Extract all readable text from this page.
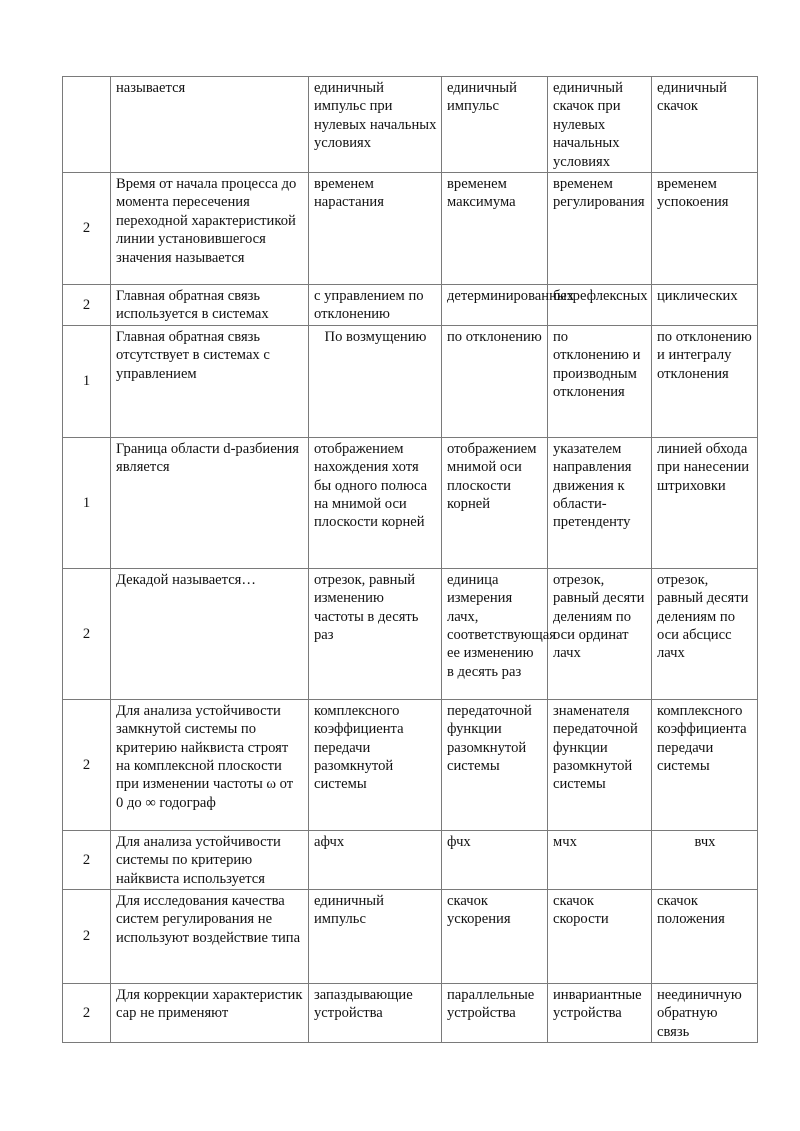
	называется	единичный импульс при нулевых начальных условиях	единичный импульс	единичный скачок при нулевых начальных условиях	единичный скачок
2	Время от начала процесса до момента пересечения переходной характеристикой линии установившегося значения называется	временем нарастания	временем максимума	временем регулирования	временем успокоения
2	Главная обратная связь используется в системах	с управлением по отклонению	детерминированных	безрефлексных	циклических
1	Главная обратная связь отсутствует в системах с управлением	По возмущению	по отклонению	по отклонению и производным отклонения	по отклонению и интегралу отклонения
1	Граница области d-разбиения является	отображением нахождения хотя бы одного полюса на мнимой оси плоскости корней	отображением мнимой оси плоскости корней	указателем направления движения к области-претенденту	линией обхода при нанесении штриховки
2	Декадой называется…	отрезок, равный изменению частоты в десять раз	единица измерения лачх, соответствующая ее изменению в десять раз	отрезок, равный десяти делениям по оси ординат лачх	отрезок, равный десяти делениям по оси абсцисс лачх
2	Для анализа устойчивости замкнутой системы по критерию найквиста строят на комплексной плоскости при изменении частоты ω от 0 до ∞ годограф	комплексного коэффициента передачи разомкнутой системы	передаточной функции разомкнутой системы	знаменателя передаточной функции разомкнутой системы	комплексного коэффициента передачи системы
2	Для анализа устойчивости системы по критерию найквиста используется	афчх	фчх	мчх	вчх
2	Для исследования качества систем регулирования не используют воздействие типа	единичный импульс	скачок ускорения	скачок скорости	скачок положения
2	Для коррекции характеристик сар не применяют	запаздывающие устройства	параллельные устройства	инвариантные устройства	неединичную обратную связь
